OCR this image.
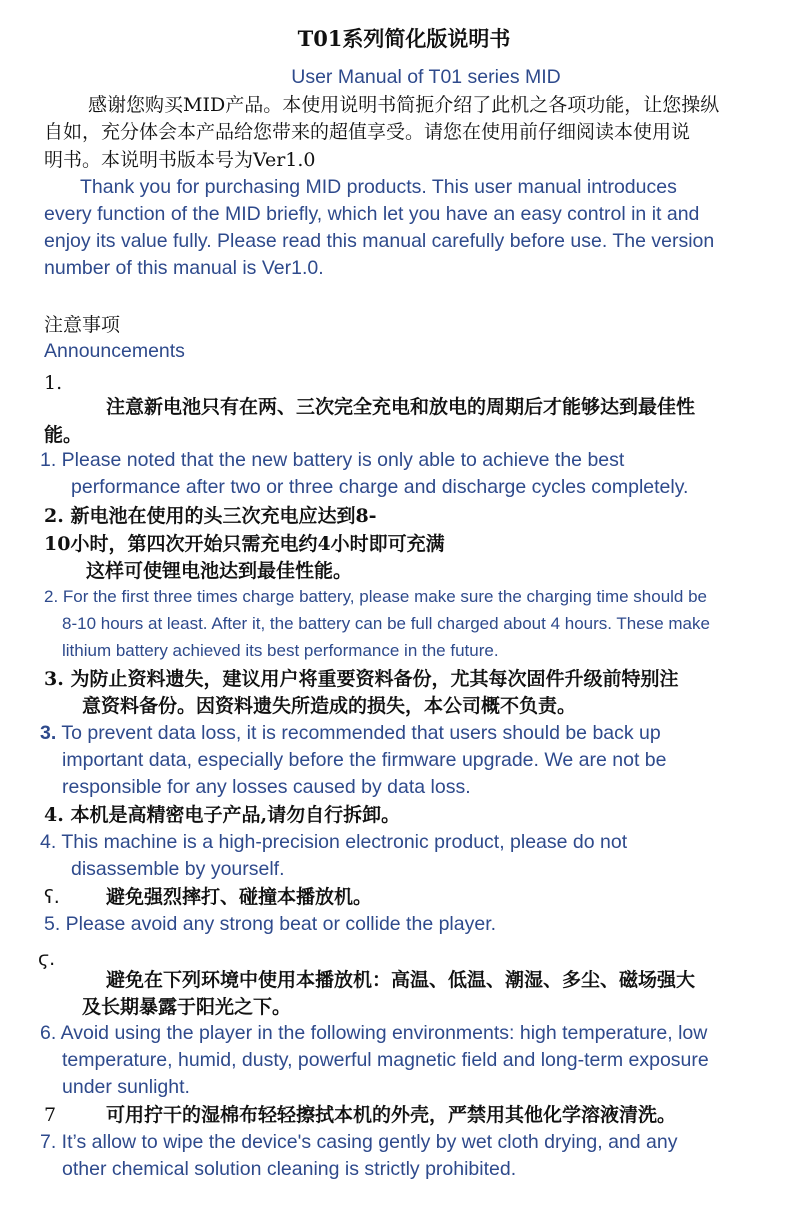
T01系列简化版说明书
User Manual of T01 series MID
感谢您购买MID产品。本使用说明书简扼介绍了此机之各项功能，让您操纵
自如，充分体会本产品给您带来的超值享受。请您在使用前仔细阅读本使用说
明书。本说明书版本号为Ver1.0
Thank you for purchasing MID products. This user manual introduces
every function of the MID briefly, which let you have an easy control in it and
enjoy its value fully. Please read this manual carefully before use. The version
number of this manual is Ver1.0.
注意事项
Announcements
1.
注意新电池只有在两、三次完全充电和放电的周期后才能够达到最佳性
能。
1. Please noted that the new battery is only able to achieve the best
performance after two or three charge and discharge cycles completely.
2. 新电池在使用的头三次充电应达到8-
10小时，第四次开始只需充电约4小时即可充满
这样可使锂电池达到最佳性能。
2. For the first three times charge battery, please make sure the charging time should be
8-10 hours at least. After it, the battery can be full charged about 4 hours. These make
lithium battery achieved its best performance in the future.
3. 为防止资料遗失，建议用户将重要资料备份，尤其每次固件升级前特别注
意资料备份。因资料遗失所造成的损失，本公司概不负责。
3. To prevent data loss, it is recommended that users should be back up
important data, especially before the firmware upgrade. We are not be
responsible for any losses caused by data loss.
4. 本机是高精密电子产品,请勿自行拆卸。
4. This machine is a high-precision electronic product, please do not
disassemble by yourself.
ʕ. 避免强烈摔打、碰撞本播放机。
5. Please avoid any strong beat or collide the player.
ϛ.
避免在下列环境中使用本播放机：高温、低温、潮湿、多尘、磁场强大
及长期暴露于阳光之下。
6. Avoid using the player in the following environments: high temperature, low
temperature, humid, dusty, powerful magnetic field and long-term exposure
under sunlight.
7	可用拧干的湿棉布轻轻擦拭本机的外壳，严禁用其他化学溶液清洗。
7. It’s allow to wipe the device's casing gently by wet cloth drying, and any
other chemical solution cleaning is strictly prohibited.
